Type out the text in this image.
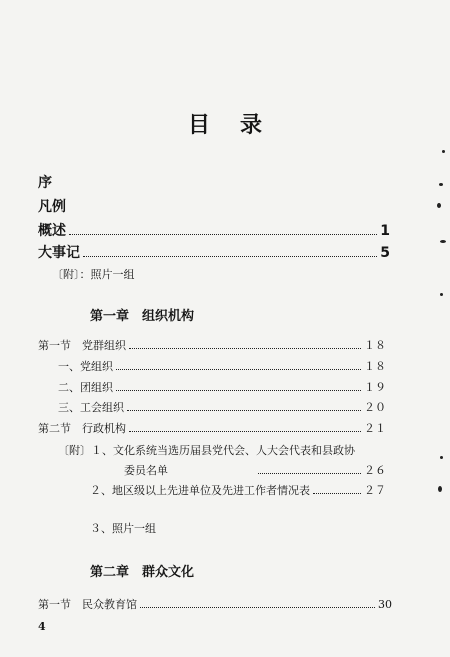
目 录
序
凡例
概述	1
大事记	5
〔附〕：照片一组
第一章　组织机构
第一节　党群组织	１８
一、党组织	１８
二、团组织	１９
三、工会组织	２０
第二节　行政机构	２１
〔附〕１、文化系统当选历届县党代会、人大会代表和县政协
委员名单	２６
２、地区级以上先进单位及先进工作者情况表	２７
３、照片一组
第二章　群众文化
第一节　民众教育馆	30
4
